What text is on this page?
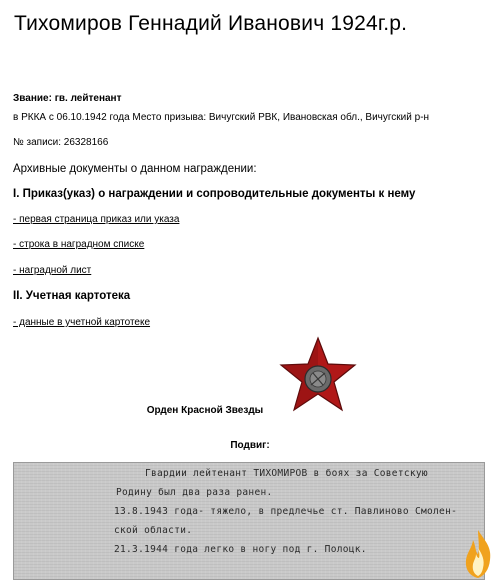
Тихомиров Геннадий Иванович 1924г.р.
Звание: гв. лейтенант
в РККА с 06.10.1942 года Место призыва: Вичугский РВК, Ивановская обл., Вичугский р-н
№ записи: 26328166
Архивные документы о данном награждении:
I. Приказ(указ) о награждении и сопроводительные документы к нему
- первая страница приказ или указа
- строка в наградном списке
- наградной лист
II. Учетная картотека
- данные в учетной картотеке
Орден Красной Звезды
Подвиг:
Гвардии лейтенант ТИХОМИРОВ в боях за Советскую
Родину был два раза ранен.
13.8.1943 года- тяжело, в предлечье ст. Павлиново Смолен-
ской области.
21.3.1944 года легко в ногу под г. Полоцк.
